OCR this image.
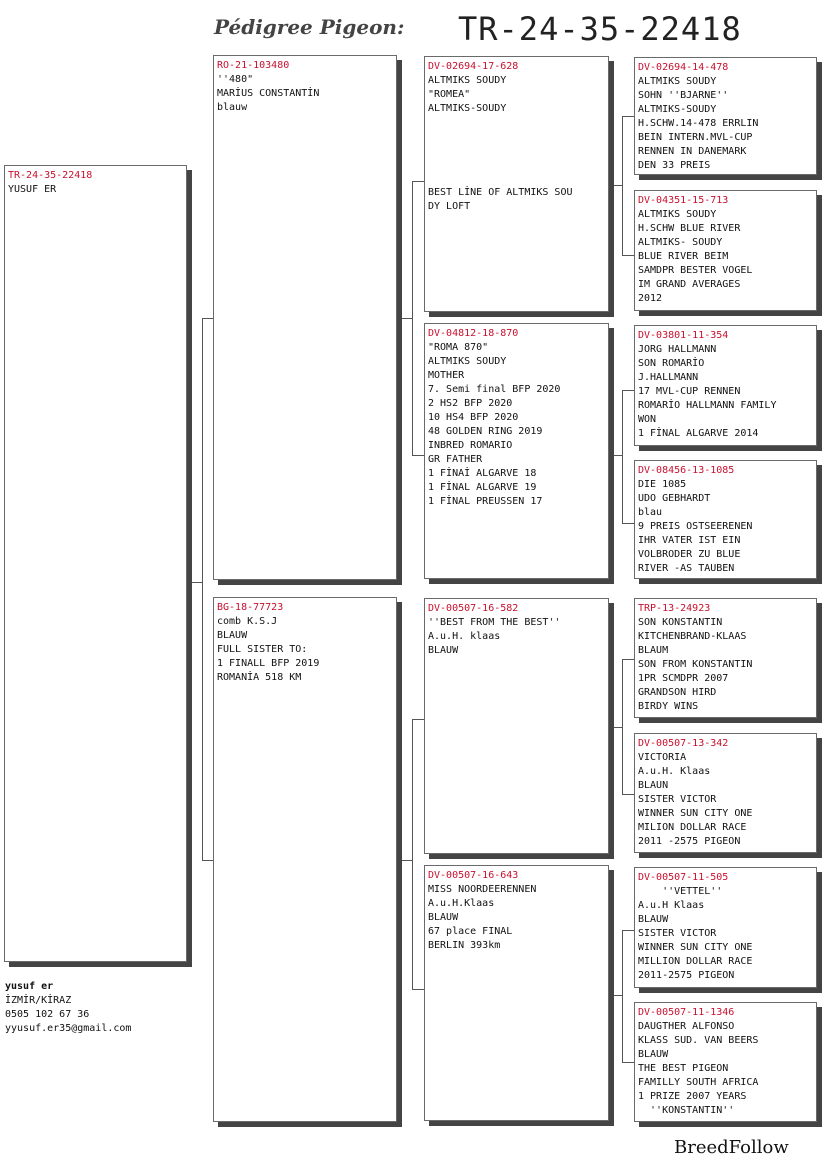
Pédigree Pigeon: TR-24-35-22418
TR-24-35-22418
YUSUF ER
RO-21-103480
''480"
MARİUS CONSTANTİN
blauw
BG-18-77723
comb K.S.J
BLAUW
FULL SISTER TO:
1 FINALL BFP 2019
ROMANİA 518 KM
DV-02694-17-628
ALTMIKS SOUDY
"ROMEA"
ALTMIKS-SOUDY

BEST LİNE OF ALTMIKS SOU
DY LOFT
DV-04812-18-870
"ROMA 870"
ALTMIKS SOUDY
MOTHER
7. Semi final BFP 2020
2 HS2 BFP 2020
10 HS4 BFP 2020
48 GOLDEN RING 2019
INBRED ROMARIO
GR FATHER
1 FİNAİ ALGARVE 18
1 FİNAL ALGARVE 19
1 FİNAL PREUSSEN 17
DV-00507-16-582
''BEST FROM THE BEST''
A.u.H. klaas
BLAUW
DV-00507-16-643
MISS NOORDEERENNEN
A.u.H.Klaas
BLAUW
67 place FINAL
BERLIN 393km
DV-02694-14-478
ALTMIKS SOUDY
SOHN ''BJARNE''
ALTMIKS-SOUDY
H.SCHW.14-478 ERRLIN
BEIN INTERN.MVL-CUP
RENNEN IN DANEMARK
DEN 33 PREIS
DV-04351-15-713
ALTMIKS SOUDY
H.SCHW BLUE RIVER
ALTMIKS- SOUDY
BLUE RIVER BEIM
SAMDPR BESTER VOGEL
IM GRAND AVERAGES
2012
DV-03801-11-354
JORG HALLMANN
SON ROMARİO
J.HALLMANN
17 MVL-CUP RENNEN
ROMARİO HALLMANN FAMILY
WON
1 FİNAL ALGARVE 2014
DV-08456-13-1085
DIE 1085
UDO GEBHARDT
blau
9 PREIS OSTSEERENEN
IHR VATER IST EIN
VOLBRODER ZU BLUE
RIVER -AS TAUBEN
TRP-13-24923
SON KONSTANTIN
KITCHENBRAND-KLAAS
BLAUM
SON FROM KONSTANTIN
1PR SCMDPR 2007
GRANDSON HIRD
BIRDY WINS
DV-00507-13-342
VICTORIA
A.u.H. Klaas
BLAUN
SISTER VICTOR
WINNER SUN CITY ONE
MILION DOLLAR RACE
2011 -2575 PIGEON
DV-00507-11-505
''VETTEL''
A.u.H Klaas
BLAUW
SISTER VICTOR
WINNER SUN CITY ONE
MILLION DOLLAR RACE
2011-2575 PIGEON
DV-00507-11-1346
DAUGTHER ALFONSO
KLASS SUD. VAN BEERS
BLAUW
THE BEST PIGEON
FAMILLY SOUTH AFRICA
1 PRIZE 2007 YEARS
''KONSTANTIN''
yusuf er
İZMİR/KİRAZ
0505 102 67 36
yyusuf.er35@gmail.com
BreedFollow
